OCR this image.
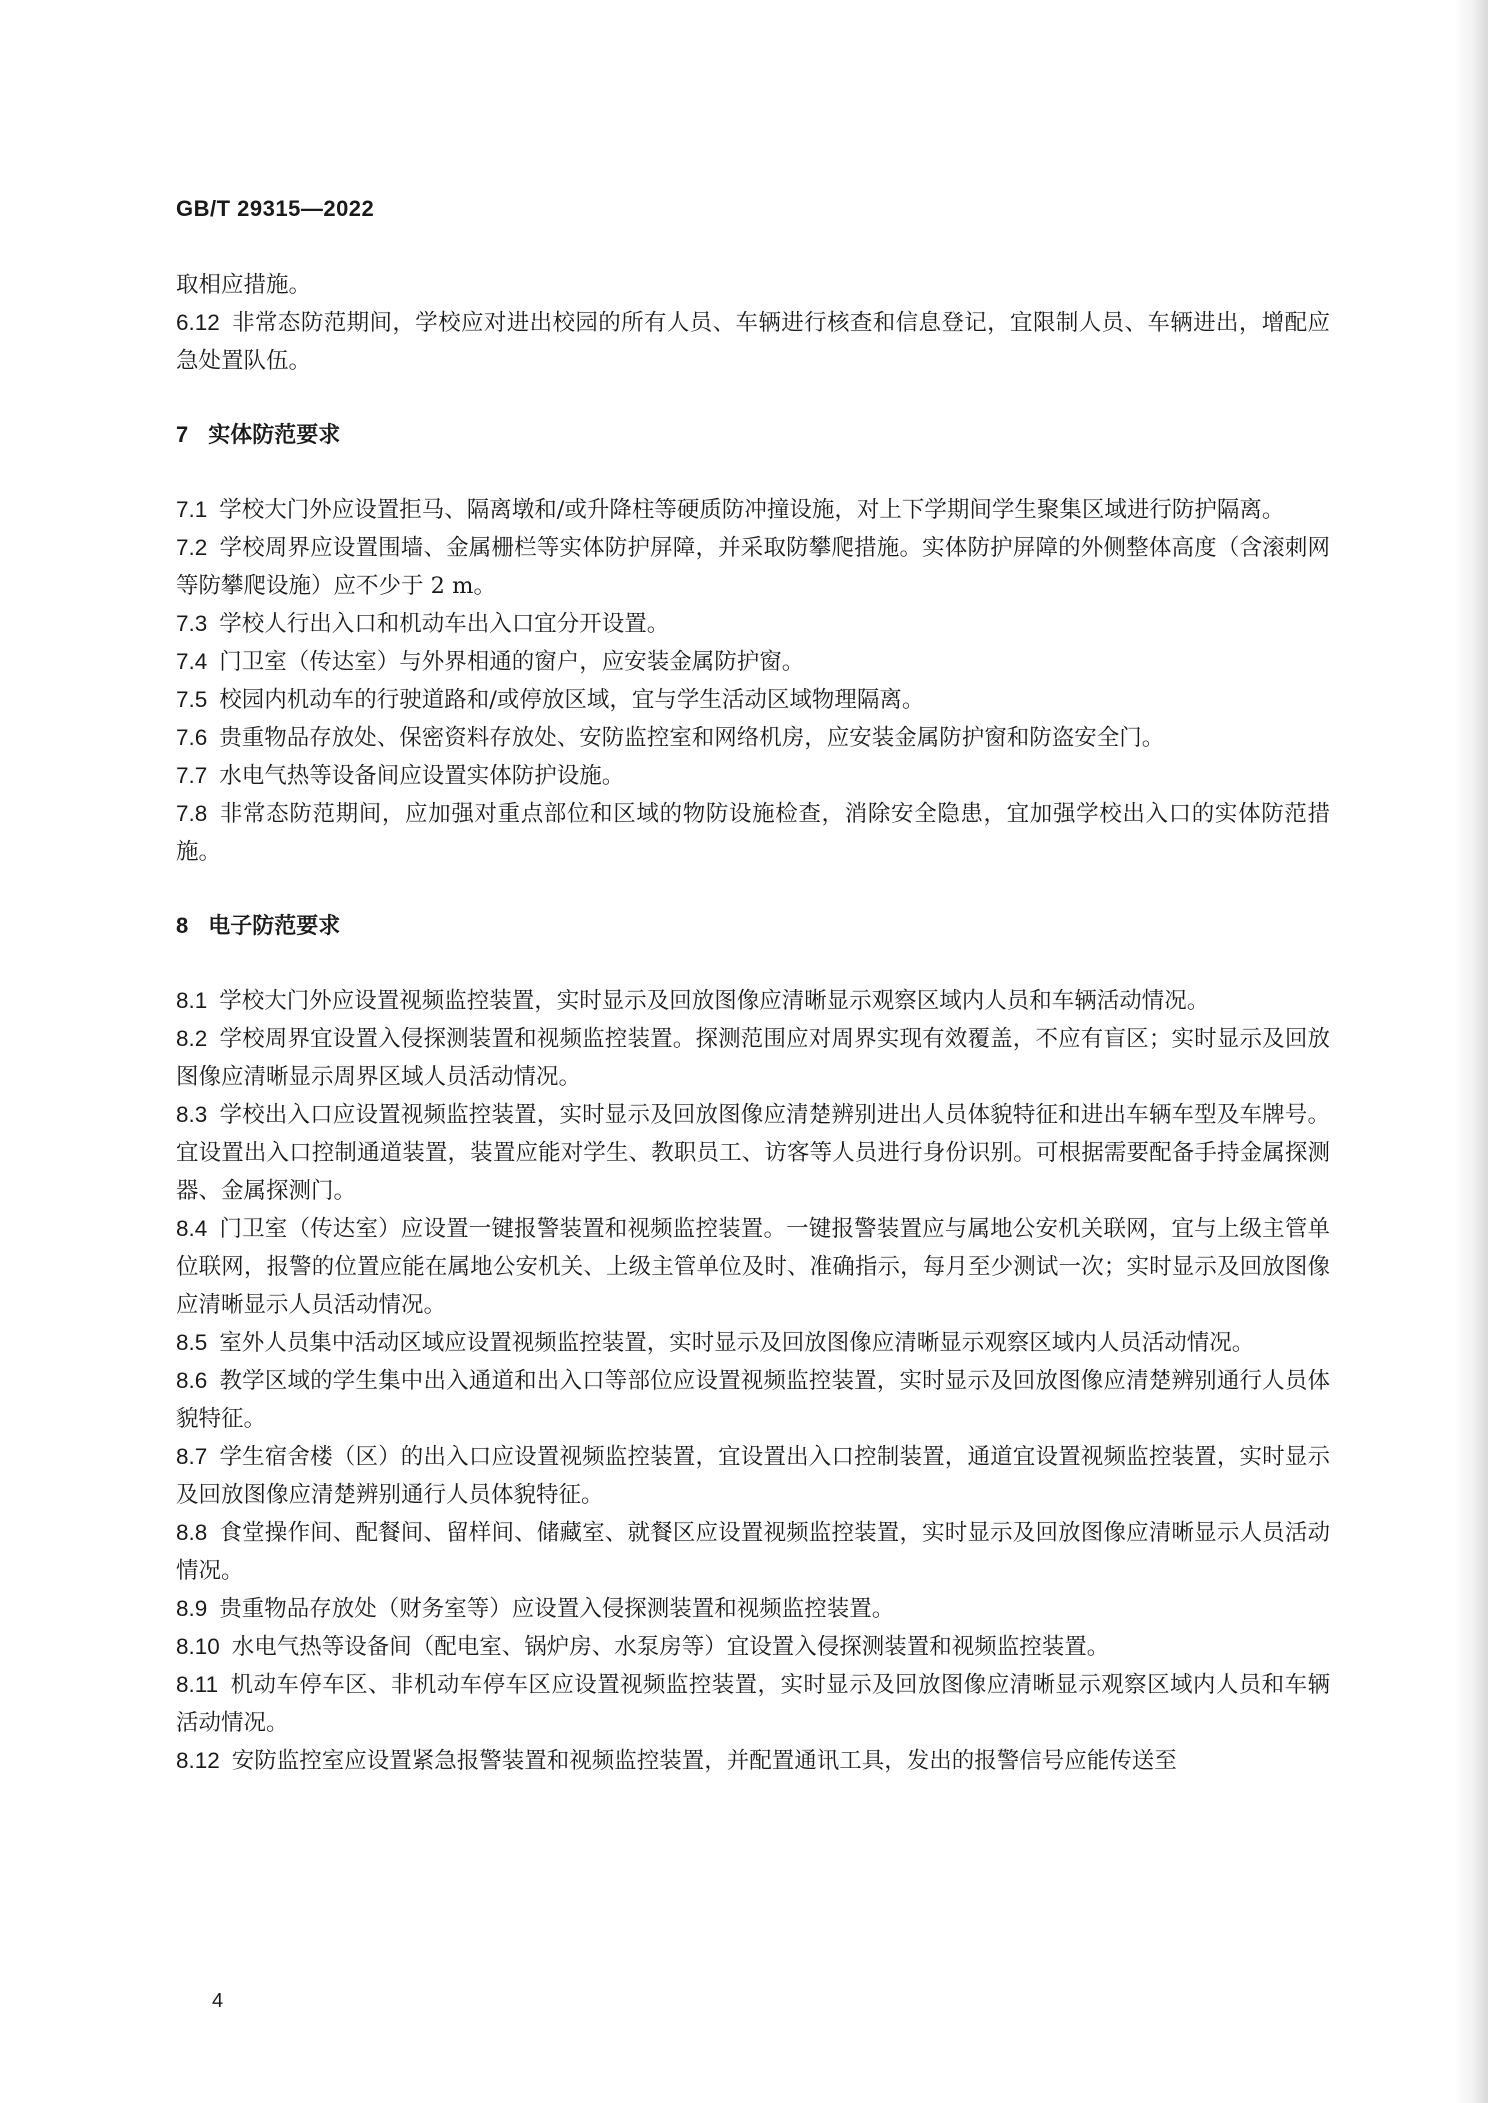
GB/T 29315—2022
取相应措施。
6.12 非常态防范期间，学校应对进出校园的所有人员、车辆进行核查和信息登记，宜限制人员、车辆进出，增配应急处置队伍。
7 实体防范要求
7.1 学校大门外应设置拒马、隔离墩和/或升降柱等硬质防冲撞设施，对上下学期间学生聚集区域进行防护隔离。
7.2 学校周界应设置围墙、金属栅栏等实体防护屏障，并采取防攀爬措施。实体防护屏障的外侧整体高度（含滚刺网等防攀爬设施）应不少于 2 m。
7.3 学校人行出入口和机动车出入口宜分开设置。
7.4 门卫室（传达室）与外界相通的窗户，应安装金属防护窗。
7.5 校园内机动车的行驶道路和/或停放区域，宜与学生活动区域物理隔离。
7.6 贵重物品存放处、保密资料存放处、安防监控室和网络机房，应安装金属防护窗和防盗安全门。
7.7 水电气热等设备间应设置实体防护设施。
7.8 非常态防范期间，应加强对重点部位和区域的物防设施检查，消除安全隐患，宜加强学校出入口的实体防范措施。
8 电子防范要求
8.1 学校大门外应设置视频监控装置，实时显示及回放图像应清晰显示观察区域内人员和车辆活动情况。
8.2 学校周界宜设置入侵探测装置和视频监控装置。探测范围应对周界实现有效覆盖，不应有盲区；实时显示及回放图像应清晰显示周界区域人员活动情况。
8.3 学校出入口应设置视频监控装置，实时显示及回放图像应清楚辨别进出人员体貌特征和进出车辆车型及车牌号。宜设置出入口控制通道装置，装置应能对学生、教职员工、访客等人员进行身份识别。可根据需要配备手持金属探测器、金属探测门。
8.4 门卫室（传达室）应设置一键报警装置和视频监控装置。一键报警装置应与属地公安机关联网，宜与上级主管单位联网，报警的位置应能在属地公安机关、上级主管单位及时、准确指示，每月至少测试一次；实时显示及回放图像应清晰显示人员活动情况。
8.5 室外人员集中活动区域应设置视频监控装置，实时显示及回放图像应清晰显示观察区域内人员活动情况。
8.6 教学区域的学生集中出入通道和出入口等部位应设置视频监控装置，实时显示及回放图像应清楚辨别通行人员体貌特征。
8.7 学生宿舍楼（区）的出入口应设置视频监控装置，宜设置出入口控制装置，通道宜设置视频监控装置，实时显示及回放图像应清楚辨别通行人员体貌特征。
8.8 食堂操作间、配餐间、留样间、储藏室、就餐区应设置视频监控装置，实时显示及回放图像应清晰显示人员活动情况。
8.9 贵重物品存放处（财务室等）应设置入侵探测装置和视频监控装置。
8.10 水电气热等设备间（配电室、锅炉房、水泵房等）宜设置入侵探测装置和视频监控装置。
8.11 机动车停车区、非机动车停车区应设置视频监控装置，实时显示及回放图像应清晰显示观察区域内人员和车辆活动情况。
8.12 安防监控室应设置紧急报警装置和视频监控装置，并配置通讯工具，发出的报警信号应能传送至
4
